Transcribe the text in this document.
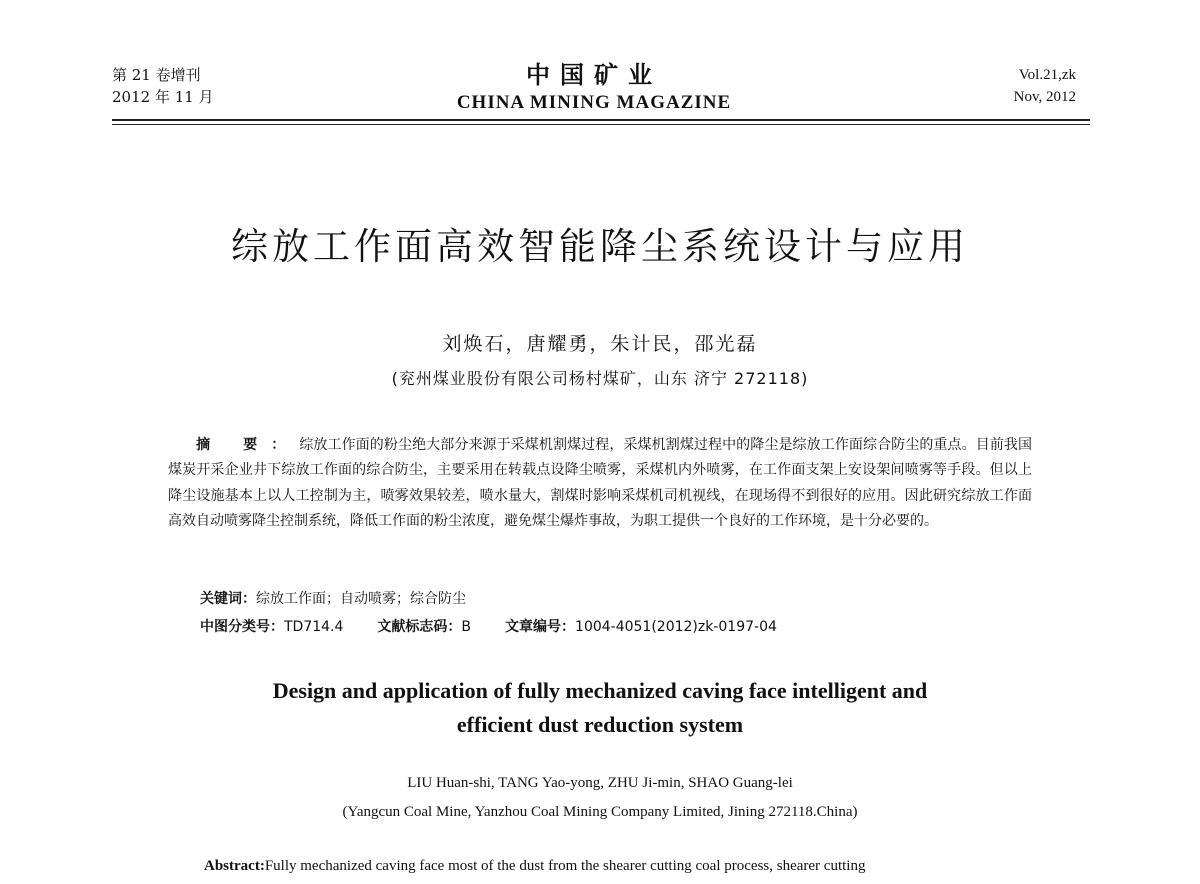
第 21 卷增刊
2012 年 11 月
中国矿业
CHINA MINING MAGAZINE
Vol.21,zk
Nov, 2012
综放工作面高效智能降尘系统设计与应用
刘焕石，唐耀勇，朱计民，邵光磊
(兖州煤业股份有限公司杨村煤矿，山东 济宁 272118)
摘 要：综放工作面的粉尘绝大部分来源于采煤机割煤过程，采煤机割煤过程中的降尘是综放工作面综合防尘的重点。目前我国煤炭开采企业井下综放工作面的综合防尘，主要采用在转载点设降尘喷雾，采煤机内外喷雾，在工作面支架上安设架间喷雾等手段。但以上降尘设施基本上以人工控制为主，喷雾效果较差，喷水量大，割煤时影响采煤机司机视线，在现场得不到很好的应用。因此研究综放工作面高效自动喷雾降尘控制系统，降低工作面的粉尘浓度，避免煤尘爆炸事故，为职工提供一个良好的工作环境，是十分必要的。
关键词：综放工作面；自动喷雾；综合防尘
中图分类号：TD714.4 文献标志码：B 文章编号：1004-4051(2012)zk-0197-04
Design and application of fully mechanized caving face intelligent and
efficient dust reduction system
LIU Huan-shi, TANG Yao-yong, ZHU Ji-min, SHAO Guang-lei
(Yangcun Coal Mine, Yanzhou Coal Mining Company Limited, Jining 272118.China)
Abstract:Fully mechanized caving face most of the dust from the shearer cutting coal process, shearer cutting
